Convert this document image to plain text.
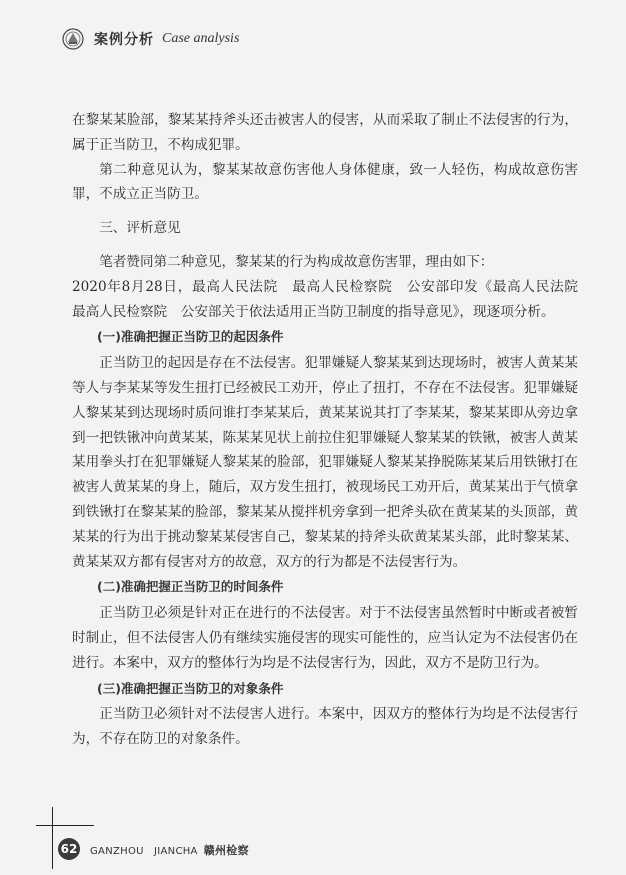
案例分析 Case analysis

在黎某某脸部，黎某某持斧头还击被害人的侵害，从而采取了制止不法侵害的行为，属于正当防卫，不构成犯罪。

第二种意见认为，黎某某故意伤害他人身体健康，致一人轻伤，构成故意伤害罪，不成立正当防卫。

三、评析意见

笔者赞同第二种意见，黎某某的行为构成故意伤害罪，理由如下：

2020年8月28日，最高人民法院　最高人民检察院　公安部印发《最高人民法院　最高人民检察院　公安部关于依法适用正当防卫制度的指导意见》，现逐项分析。

(一)准确把握正当防卫的起因条件

正当防卫的起因是存在不法侵害。犯罪嫌疑人黎某某到达现场时，被害人黄某某等人与李某某等发生扭打已经被民工劝开，停止了扭打，不存在不法侵害。犯罪嫌疑人黎某某到达现场时质问谁打李某某后，黄某某说其打了李某某，黎某某即从旁边拿到一把铁锹冲向黄某某，陈某某见状上前拉住犯罪嫌疑人黎某某的铁锹，被害人黄某某用拳头打在犯罪嫌疑人黎某某的脸部，犯罪嫌疑人黎某某挣脱陈某某后用铁锹打在被害人黄某某的身上，随后，双方发生扭打，被现场民工劝开后，黄某某出于气愤拿到铁锹打在黎某某的脸部，黎某某从搅拌机旁拿到一把斧头砍在黄某某的头顶部，黄某某的行为出于挑动黎某某侵害自己，黎某某的持斧头砍黄某某头部，此时黎某某、黄某某双方都有侵害对方的故意，双方的行为都是不法侵害行为。

(二)准确把握正当防卫的时间条件

正当防卫必须是针对正在进行的不法侵害。对于不法侵害虽然暂时中断或者被暂时制止，但不法侵害人仍有继续实施侵害的现实可能性的，应当认定为不法侵害仍在进行。本案中，双方的整体行为均是不法侵害行为，因此，双方不是防卫行为。

(三)准确把握正当防卫的对象条件

正当防卫必须针对不法侵害人进行。本案中，因双方的整体行为均是不法侵害行为，不存在防卫的对象条件。

62 GANZHOU　JIANCHA 赣州检察
